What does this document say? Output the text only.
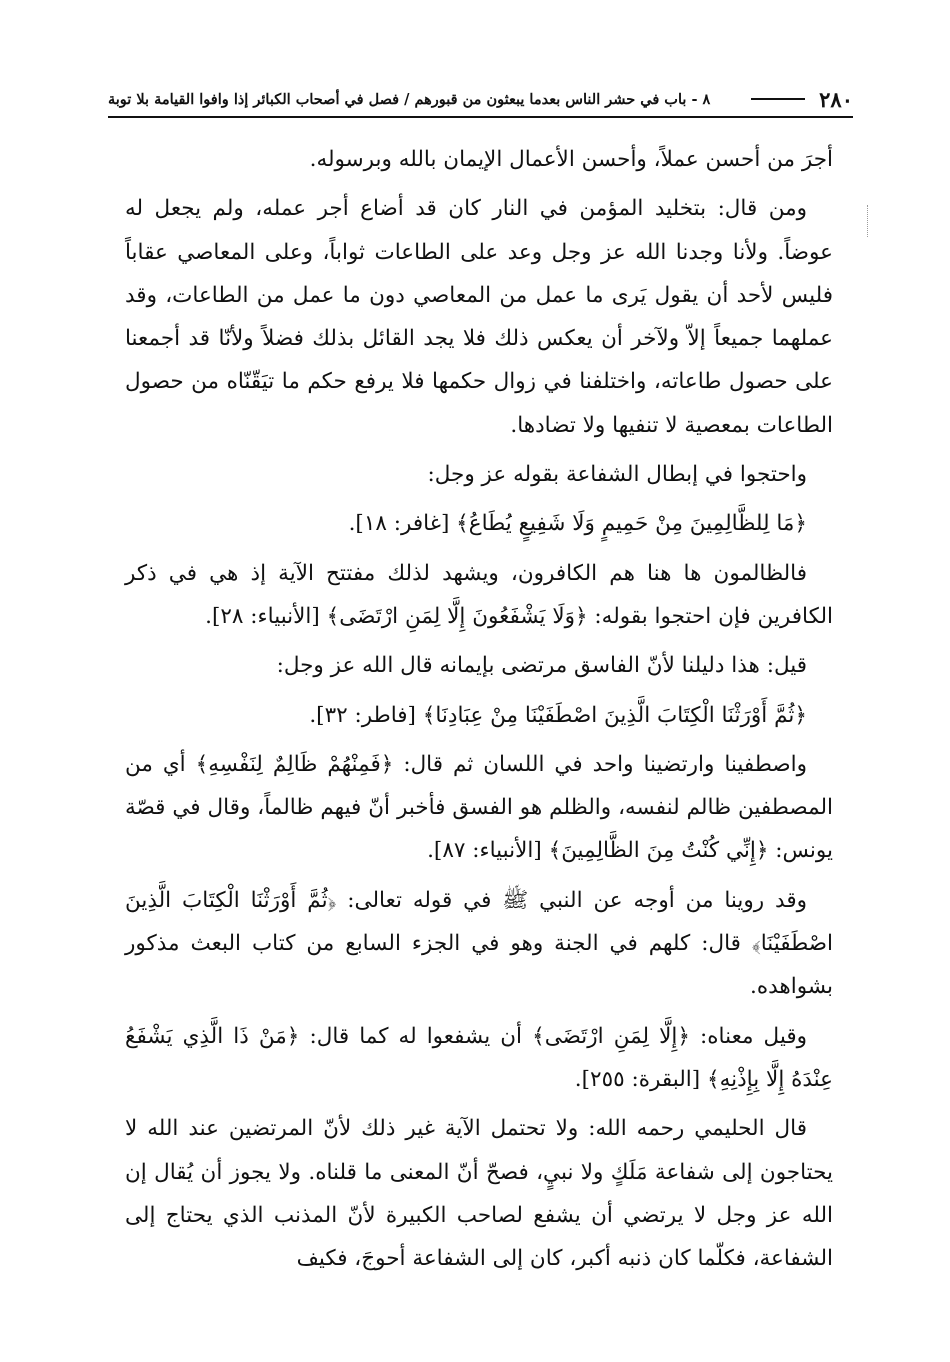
٢٨٠
٨ - باب في حشر الناس بعدما يبعثون من قبورهم / فصل في أصحاب الكبائر إذا وافوا القيامة بلا توبة

أجرَ من أحسن عملاً، وأحسن الأعمال الإيمان بالله وبرسوله.

ومن قال: بتخليد المؤمن في النار كان قد أضاع أجر عمله، ولم يجعل له عوضاً. ولأنا وجدنا الله عز وجل وعد على الطاعات ثواباً، وعلى المعاصي عقاباً فليس لأحد أن يقول يَرى ما عمل من المعاصي دون ما عمل من الطاعات، وقد عملهما جميعاً إلاّ ولآخر أن يعكس ذلك فلا يجد القائل بذلك فضلاً ولأنّا قد أجمعنا على حصول طاعاته، واختلفنا في زوال حكمها فلا يرفع حكم ما تيَقّنّاه من حصول الطاعات بمعصية لا تنفيها ولا تضادها.

واحتجوا في إبطال الشفاعة بقوله عز وجل:

﴿مَا لِلظَّالِمِينَ مِنْ حَمِيمٍ وَلَا شَفِيعٍ يُطَاعُ﴾ [غافر: ١٨].

فالظالمون ها هنا هم الكافرون، ويشهد لذلك مفتتح الآية إذ هي في ذكر الكافرين فإن احتجوا بقوله: ﴿وَلَا يَشْفَعُونَ إِلَّا لِمَنِ ارْتَضَى﴾ [الأنبياء: ٢٨].

قيل: هذا دليلنا لأنّ الفاسق مرتضى بإيمانه قال الله عز وجل:

﴿ثُمَّ أَوْرَثْنَا الْكِتَابَ الَّذِينَ اصْطَفَيْنَا مِنْ عِبَادِنَا﴾ [فاطر: ٣٢].

واصطفينا وارتضينا واحد في اللسان ثم قال: ﴿فَمِنْهُمْ ظَالِمٌ لِنَفْسِهِ﴾ أي من المصطفين ظالم لنفسه، والظلم هو الفسق فأخبر أنّ فيهم ظالماً، وقال في قصّة يونس: ﴿إِنِّي كُنْتُ مِنَ الظَّالِمِينَ﴾ [الأنبياء: ٨٧].

وقد روينا من أوجه عن النبي ﷺ في قوله تعالى: ﴿ثُمَّ أَوْرَثْنَا الْكِتَابَ الَّذِينَ اصْطَفَيْنَا﴾ قال: كلهم في الجنة وهو في الجزء السابع من كتاب البعث مذكور بشواهده.

وقيل معناه: ﴿إِلَّا لِمَنِ ارْتَضَى﴾ أن يشفعوا له كما قال: ﴿مَنْ ذَا الَّذِي يَشْفَعُ عِنْدَهُ إِلَّا بِإِذْنِهِ﴾ [البقرة: ٢٥٥].

قال الحليمي رحمه الله: ولا تحتمل الآية غير ذلك لأنّ المرتضين عند الله لا يحتاجون إلى شفاعة مَلَكٍ ولا نبيٍ، فصحّ أنّ المعنى ما قلناه. ولا يجوز أن يُقال إن الله عز وجل لا يرتضي أن يشفع لصاحب الكبيرة لأنّ المذنب الذي يحتاج إلى الشفاعة، فكلّما كان ذنبه أكبر، كان إلى الشفاعة أحوجَ، فكيف
